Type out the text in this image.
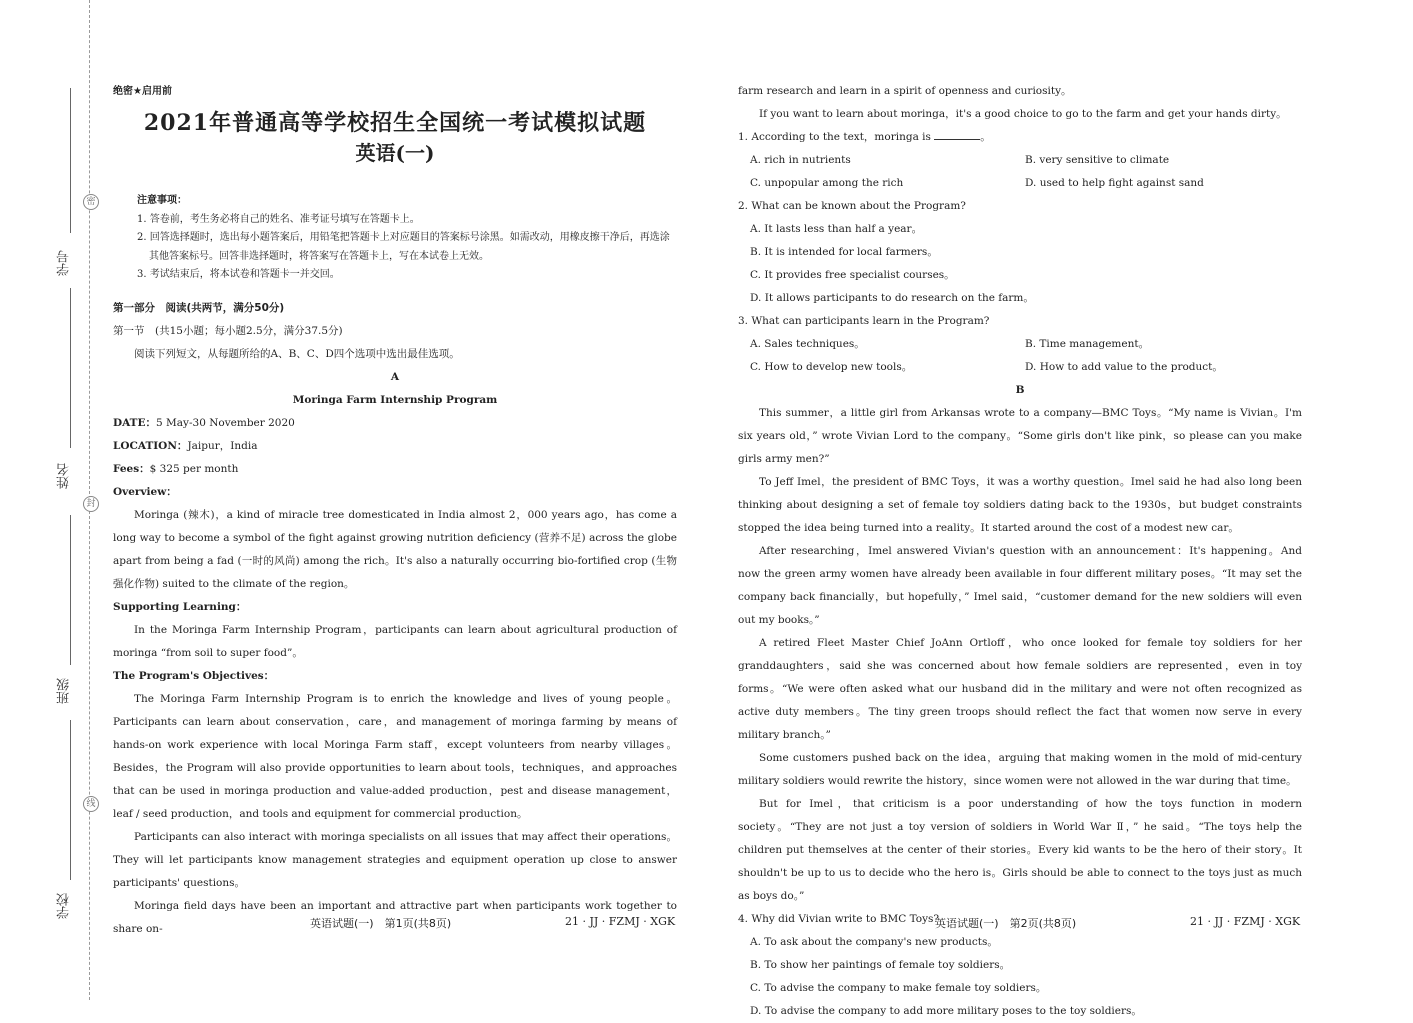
学号
姓名
班级
学校
密
封
线
绝密★启用前
2021年普通高等学校招生全国统一考试模拟试题
英语(一)
注意事项：
1. 答卷前，考生务必将自己的姓名、准考证号填写在答题卡上。
2. 回答选择题时，选出每小题答案后，用铅笔把答题卡上对应题目的答案标号涂黑。如需改动，用橡皮擦干净后，再选涂其他答案标号。回答非选择题时，将答案写在答题卡上，写在本试卷上无效。
3. 考试结束后，将本试卷和答题卡一并交回。
第一部分　阅读(共两节，满分50分)

第一节　(共15小题；每小题2.5分，满分37.5分)

阅读下列短文，从每题所给的A、B、C、D四个选项中选出最佳选项。

A

Moringa Farm Internship Program

DATE：5 May-30 November 2020

LOCATION：Jaipur，India

Fees：$ 325 per month

Overview：

Moringa (辣木)，a kind of miracle tree domesticated in India almost 2，000 years ago，has come a long way to become a symbol of the fight against growing nutrition deficiency (营养不足) across the globe apart from being a fad (一时的风尚) among the rich。It's also a naturally occurring bio-fortified crop (生物强化作物) suited to the climate of the region。

Supporting Learning：

In the Moringa Farm Internship Program，participants can learn about agricultural production of moringa “from soil to super food”。

The Program's Objectives：

The Moringa Farm Internship Program is to enrich the knowledge and lives of young people。Participants can learn about conservation，care，and management of moringa farming by means of hands-on work experience with local Moringa Farm staff，except volunteers from nearby villages。Besides，the Program will also provide opportunities to learn about tools，techniques，and approaches that can be used in moringa production and value-added production，pest and disease management，leaf / seed production，and tools and equipment for commercial production。

Participants can also interact with moringa specialists on all issues that may affect their operations。They will let participants know management strategies and equipment operation up close to answer participants' questions。

Moringa field days have been an important and attractive part when participants work together to share on-	英语试题(一)　第1页(共8页)	21 · JJ · FZMJ · XGK

farm research and learn in a spirit of openness and curiosity。

If you want to learn about moringa，it's a good choice to go to the farm and get your hands dirty。

1. According to the text，moringa is	。

A. rich in nutrients	B. very sensitive to climate
C. unpopular among the rich	D. used to help fight against sand

2. What can be known about the Program?

A. It lasts less than half a year。

B. It is intended for local farmers。

C. It provides free specialist courses。

D. It allows participants to do research on the farm。

3. What can participants learn in the Program?

A. Sales techniques。	B. Time management。
C. How to develop new tools。	D. How to add value to the product。

B

This summer，a little girl from Arkansas wrote to a company—BMC Toys。“My name is Vivian。I'm six years old，” wrote Vivian Lord to the company。“Some girls don't like pink，so please can you make girls army men?”

To Jeff Imel，the president of BMC Toys，it was a worthy question。Imel said he had also long been thinking about designing a set of female toy soldiers dating back to the 1930s，but budget constraints stopped the idea being turned into a reality。It started around the cost of a modest new car。

After researching，Imel answered Vivian's question with an announcement：It's happening。And now the green army women have already been available in four different military poses。“It may set the company back financially，but hopefully，” Imel said，“customer demand for the new soldiers will even out my books。”

A retired Fleet Master Chief JoAnn Ortloff，who once looked for female toy soldiers for her granddaughters，said she was concerned about how female soldiers are represented，even in toy forms。“We were often asked what our husband did in the military and were not often recognized as active duty members。The tiny green troops should reflect the fact that women now serve in every military branch。”

Some customers pushed back on the idea，arguing that making women in the mold of mid-century military soldiers would rewrite the history，since women were not allowed in the war during that time。

But for Imel，that criticism is a poor understanding of how the toys function in modern society。“They are not just a toy version of soldiers in World War Ⅱ，” he said。“The toys help the children put themselves at the center of their stories。Every kid wants to be the hero of their story。It shouldn't be up to us to decide who the hero is。Girls should be able to connect to the toys just as much as boys do。”

4. Why did Vivian write to BMC Toys?

A. To ask about the company's new products。

B. To show her paintings of female toy soldiers。

C. To advise the company to make female toy soldiers。

D. To advise the company to add more military poses to the toy soldiers。

英语试题(一)　第2页(共8页)	21 · JJ · FZMJ · XGK
